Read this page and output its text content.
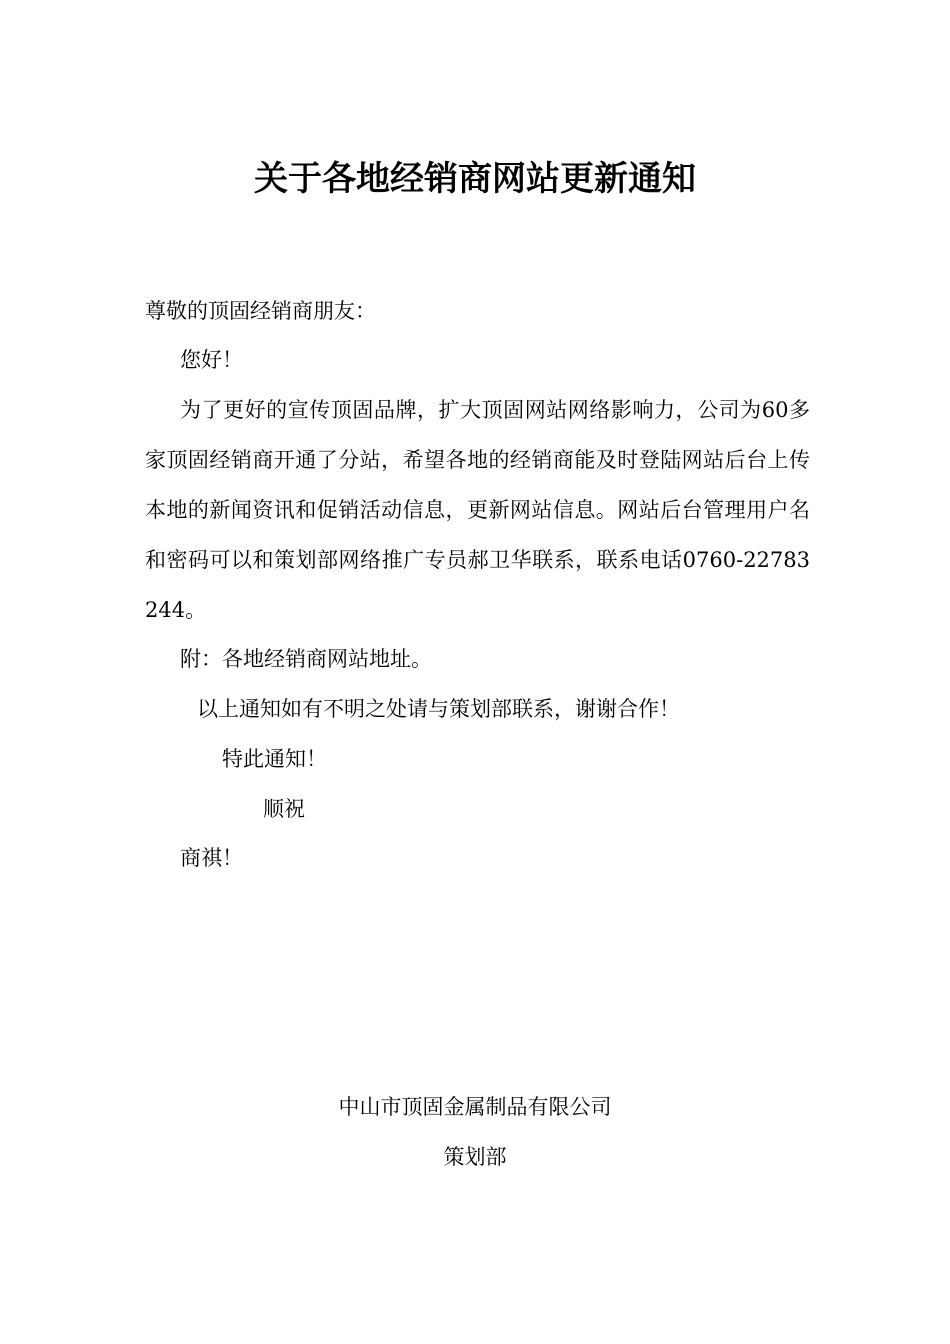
关于各地经销商网站更新通知
尊敬的顶固经销商朋友：
您好！
为了更好的宣传顶固品牌，扩大顶固网站网络影响力，公司为60多家顶固经销商开通了分站，希望各地的经销商能及时登陆网站后台上传本地的新闻资讯和促销活动信息，更新网站信息。网站后台管理用户名和密码可以和策划部网络推广专员郝卫华联系，联系电话0760-22783244。
附：各地经销商网站地址。
以上通知如有不明之处请与策划部联系，谢谢合作！
特此通知！
顺祝
商祺！
中山市顶固金属制品有限公司
策划部
